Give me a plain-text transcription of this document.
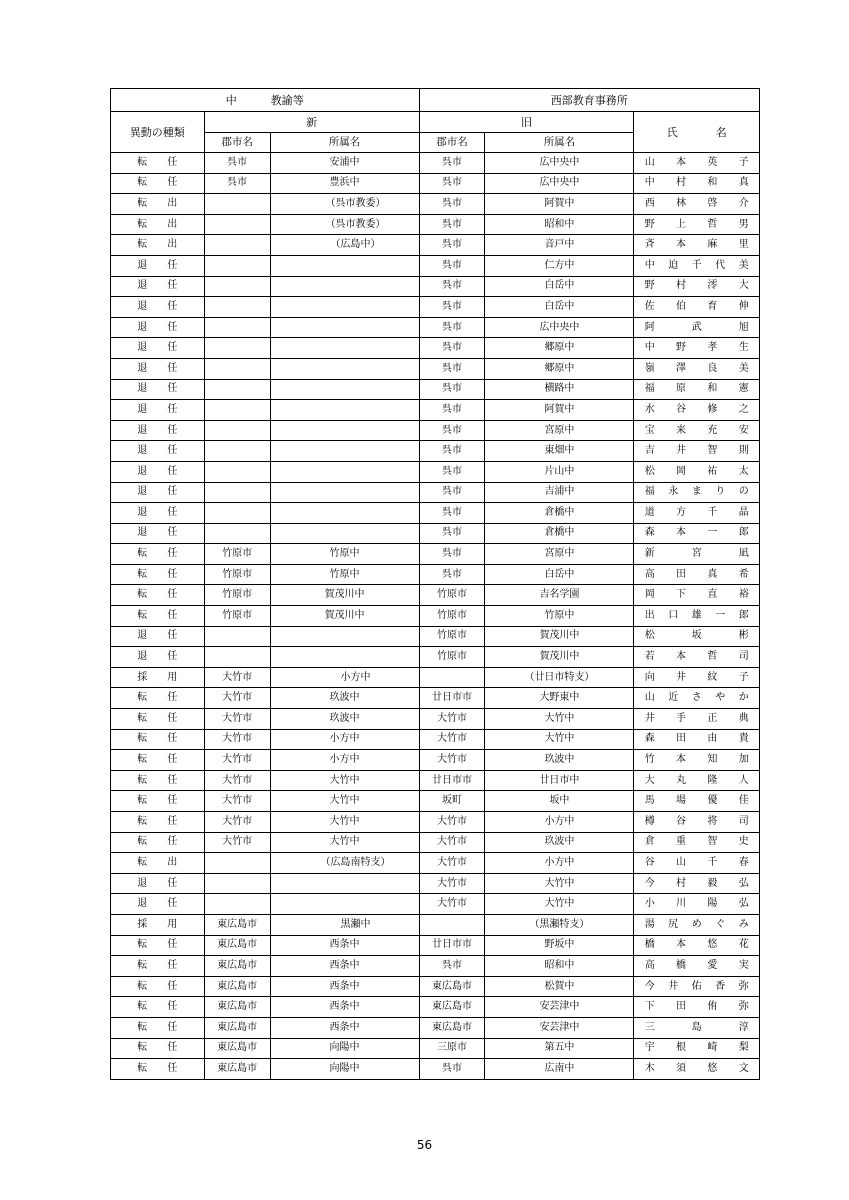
中 教諭等			西部教育事務所		
異動の種類	新		旧		氏　　名
	郡市名	所属名	郡市名	所属名	
転　　任	呉市	安浦中	呉市	広中央中	山本英子
転　　任	呉市	豊浜中	呉市	広中央中	中村和真
転　　出		（呉市教委）	呉市	阿賀中	西林啓介
転　　出		（呉市教委）	呉市	昭和中	野上哲男
転　　出		（広島中）	呉市	音戸中	斉本麻里
退　　任			呉市	仁方中	中迫千代美
退　　任			呉市	白岳中	野村澪大
退　　任			呉市	白岳中	佐伯育伸
退　　任			呉市	広中央中	阿武旭
退　　任			呉市	郷原中	中野孝生
退　　任			呉市	郷原中	嶺澤良美
退　　任			呉市	横路中	福原和憲
退　　任			呉市	阿賀中	水谷修之
退　　任			呉市	宮原中	宝来充安
退　　任			呉市	東畑中	吉井智則
退　　任			呉市	片山中	松岡祐太
退　　任			呉市	吉浦中	福永まりの
退　　任			呉市	倉橋中	道方千晶
退　　任			呉市	倉橋中	森本一郎
転　　任	竹原市	竹原中	呉市	宮原中	新宮凪
転　　任	竹原市	竹原中	呉市	白岳中	高田真希
転　　任	竹原市	賀茂川中	竹原市	吉名学園	岡下直裕
転　　任	竹原市	賀茂川中	竹原市	竹原中	出口雄一郎
退　　任			竹原市	賀茂川中	松坂彬
退　　任			竹原市	賀茂川中	若本哲司
採　　用	大竹市	小方中		（廿日市特支）	向井紋子
転　　任	大竹市	玖波中	廿日市市	大野東中	山近さやか
転　　任	大竹市	玖波中	大竹市	大竹中	井手正典
転　　任	大竹市	小方中	大竹市	大竹中	森田由貴
転　　任	大竹市	小方中	大竹市	玖波中	竹本知加
転　　任	大竹市	大竹中	廿日市市	廿日市中	大丸隆人
転　　任	大竹市	大竹中	坂町	坂中	馬場優佳
転　　任	大竹市	大竹中	大竹市	小方中	樽谷将司
転　　任	大竹市	大竹中	大竹市	玖波中	倉重智史
転　　出		（広島南特支）	大竹市	小方中	谷山千春
退　　任			大竹市	大竹中	今村毅弘
退　　任			大竹市	大竹中	小川陽弘
採　　用	東広島市	黒瀬中		（黒瀬特支）	湯尻めぐみ
転　　任	東広島市	西条中	廿日市市	野坂中	橋本悠花
転　　任	東広島市	西条中	呉市	昭和中	高橋愛実
転　　任	東広島市	西条中	東広島市	松賀中	今井佑香弥
転　　任	東広島市	西条中	東広島市	安芸津中	下田侑弥
転　　任	東広島市	西条中	東広島市	安芸津中	三島淳
転　　任	東広島市	向陽中	三原市	第五中	宇根崎梨
転　　任	東広島市	向陽中	呉市	広南中	木須悠文
56
